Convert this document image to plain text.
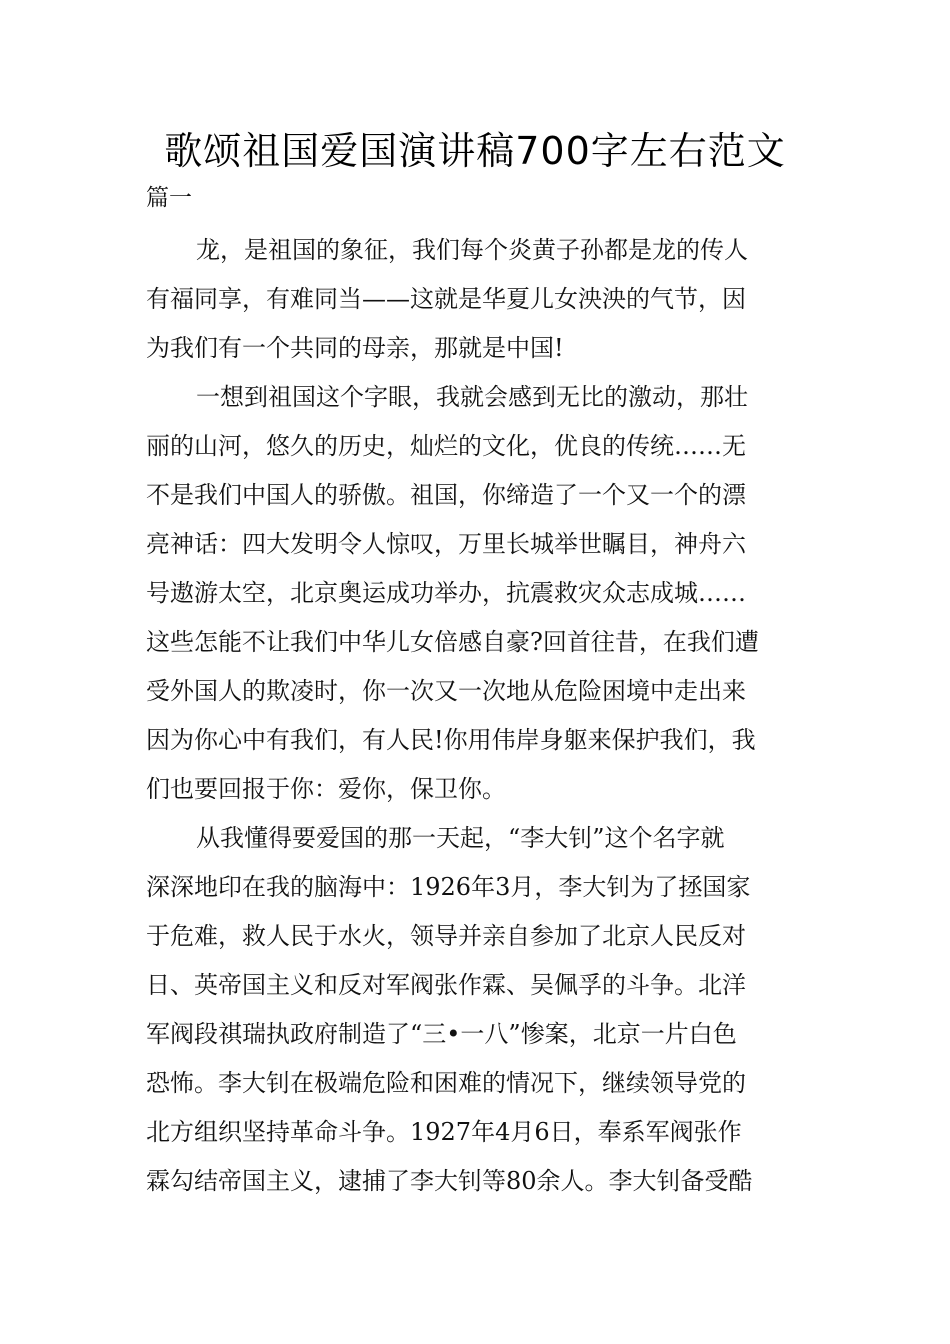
歌颂祖国爱国演讲稿700字左右范文
篇一
龙，是祖国的象征，我们每个炎黄子孙都是龙的传人
有福同享，有难同当——这就是华夏儿女泱泱的气节，因
为我们有一个共同的母亲，那就是中国!
一想到祖国这个字眼，我就会感到无比的激动，那壮
丽的山河，悠久的历史，灿烂的文化，优良的传统……无
不是我们中国人的骄傲。祖国，你缔造了一个又一个的漂
亮神话：四大发明令人惊叹，万里长城举世瞩目，神舟六
号遨游太空，北京奥运成功举办，抗震救灾众志成城……
这些怎能不让我们中华儿女倍感自豪?回首往昔，在我们遭
受外国人的欺凌时，你一次又一次地从危险困境中走出来
因为你心中有我们，有人民!你用伟岸身躯来保护我们，我
们也要回报于你：爱你，保卫你。
从我懂得要爱国的那一天起，“李大钊”这个名字就
深深地印在我的脑海中：1926年3月，李大钊为了拯国家
于危难，救人民于水火，领导并亲自参加了北京人民反对
日、英帝国主义和反对军阀张作霖、吴佩孚的斗争。北洋
军阀段祺瑞执政府制造了“三•一八”惨案，北京一片白色
恐怖。李大钊在极端危险和困难的情况下，继续领导党的
北方组织坚持革命斗争。1927年4月6日，奉系军阀张作
霖勾结帝国主义，逮捕了李大钊等80余人。李大钊备受酷
